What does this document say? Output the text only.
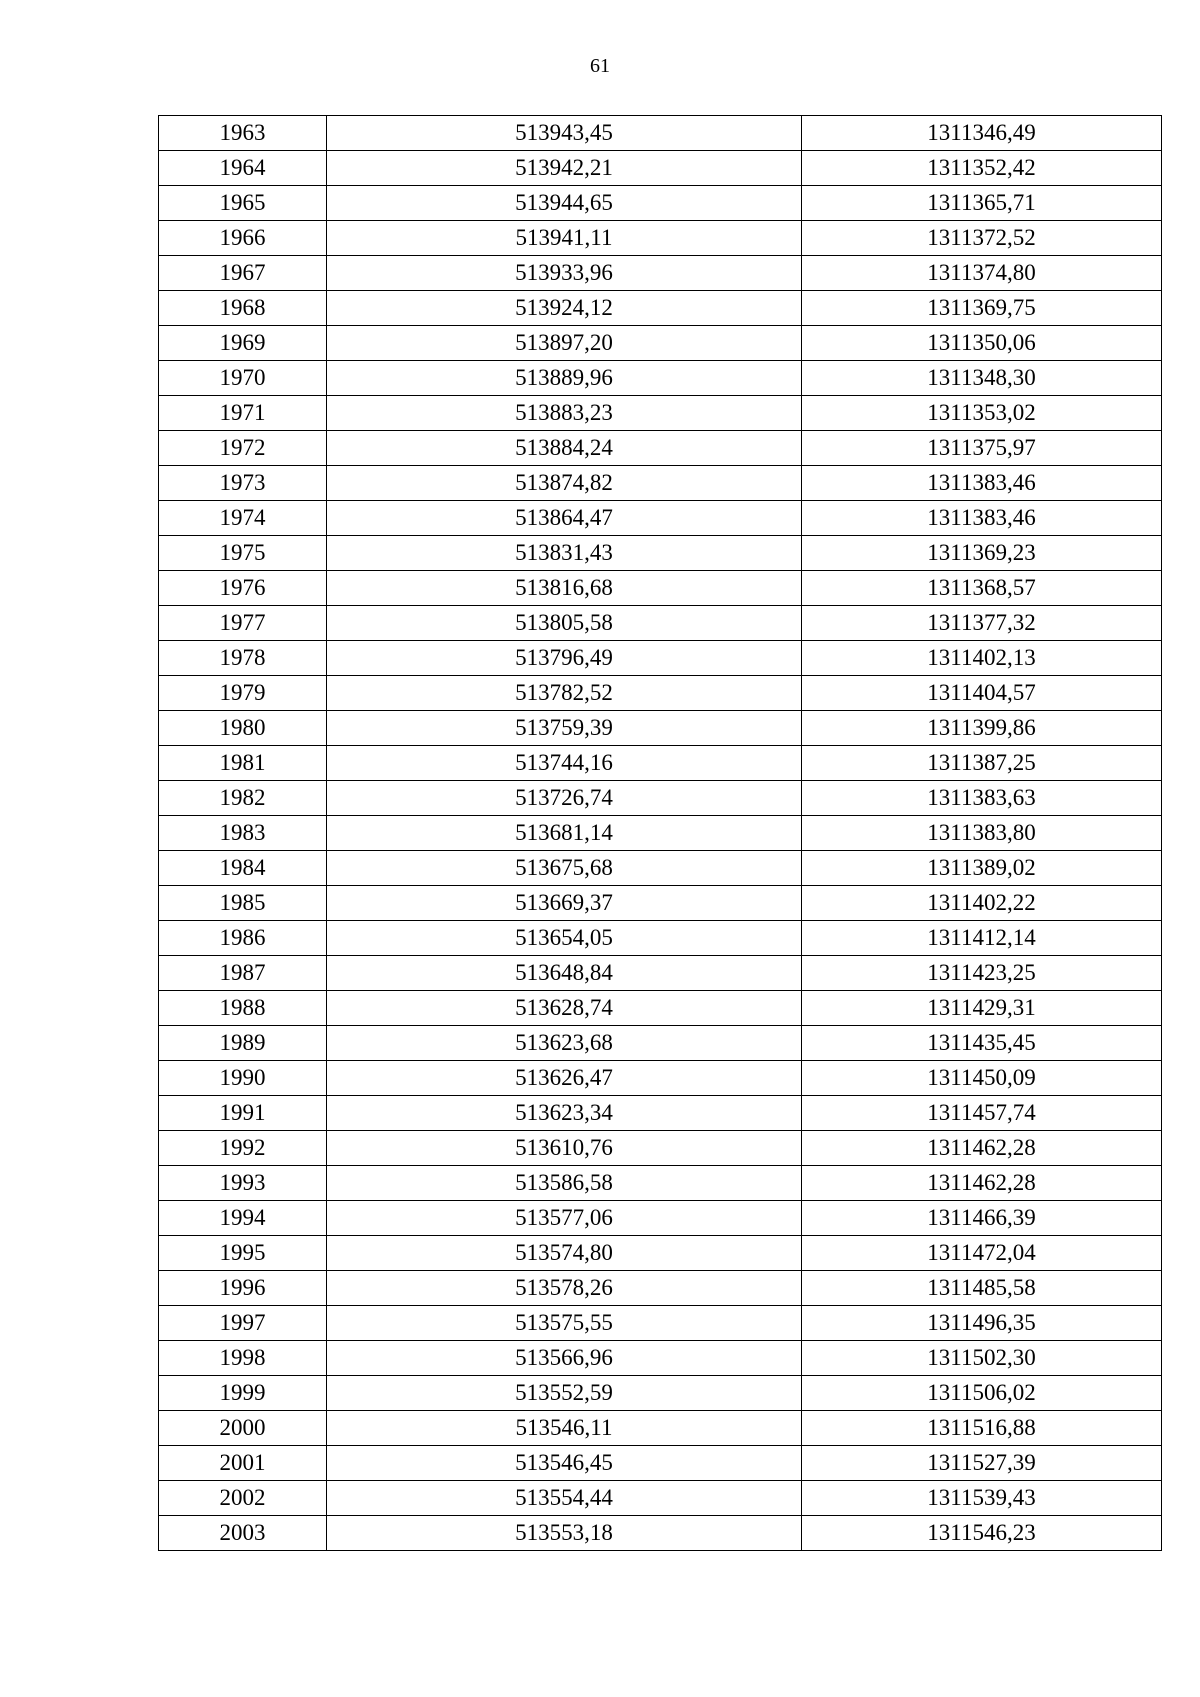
61
1963	513943,45	1311346,49
1964	513942,21	1311352,42
1965	513944,65	1311365,71
1966	513941,11	1311372,52
1967	513933,96	1311374,80
1968	513924,12	1311369,75
1969	513897,20	1311350,06
1970	513889,96	1311348,30
1971	513883,23	1311353,02
1972	513884,24	1311375,97
1973	513874,82	1311383,46
1974	513864,47	1311383,46
1975	513831,43	1311369,23
1976	513816,68	1311368,57
1977	513805,58	1311377,32
1978	513796,49	1311402,13
1979	513782,52	1311404,57
1980	513759,39	1311399,86
1981	513744,16	1311387,25
1982	513726,74	1311383,63
1983	513681,14	1311383,80
1984	513675,68	1311389,02
1985	513669,37	1311402,22
1986	513654,05	1311412,14
1987	513648,84	1311423,25
1988	513628,74	1311429,31
1989	513623,68	1311435,45
1990	513626,47	1311450,09
1991	513623,34	1311457,74
1992	513610,76	1311462,28
1993	513586,58	1311462,28
1994	513577,06	1311466,39
1995	513574,80	1311472,04
1996	513578,26	1311485,58
1997	513575,55	1311496,35
1998	513566,96	1311502,30
1999	513552,59	1311506,02
2000	513546,11	1311516,88
2001	513546,45	1311527,39
2002	513554,44	1311539,43
2003	513553,18	1311546,23
